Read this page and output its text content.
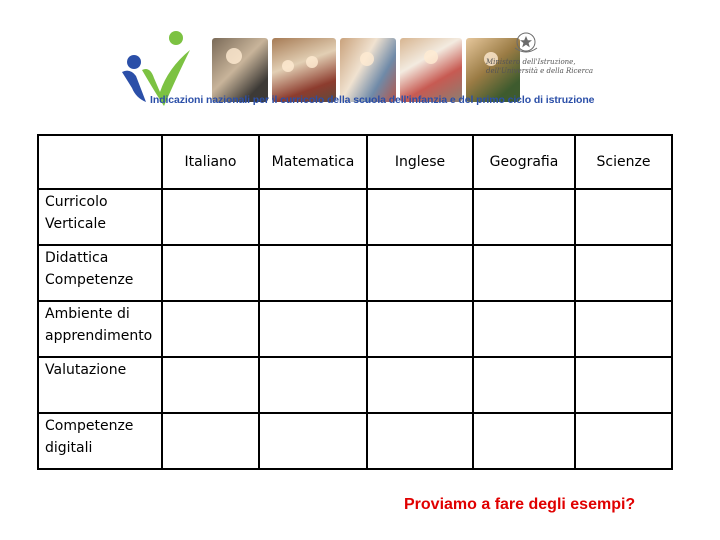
Ministero dell'Istruzione,
dell'Università e della Ricerca
Indicazioni nazionali per il curricolo della scuola dell'infanzia e del primo ciclo di istruzione
	Italiano	Matematica	Inglese	Geografia	Scienze
Curricolo Verticale					
Didattica Competenze					
Ambiente di apprendimento					
Valutazione					
Competenze digitali					
Proviamo a fare degli esempi?
